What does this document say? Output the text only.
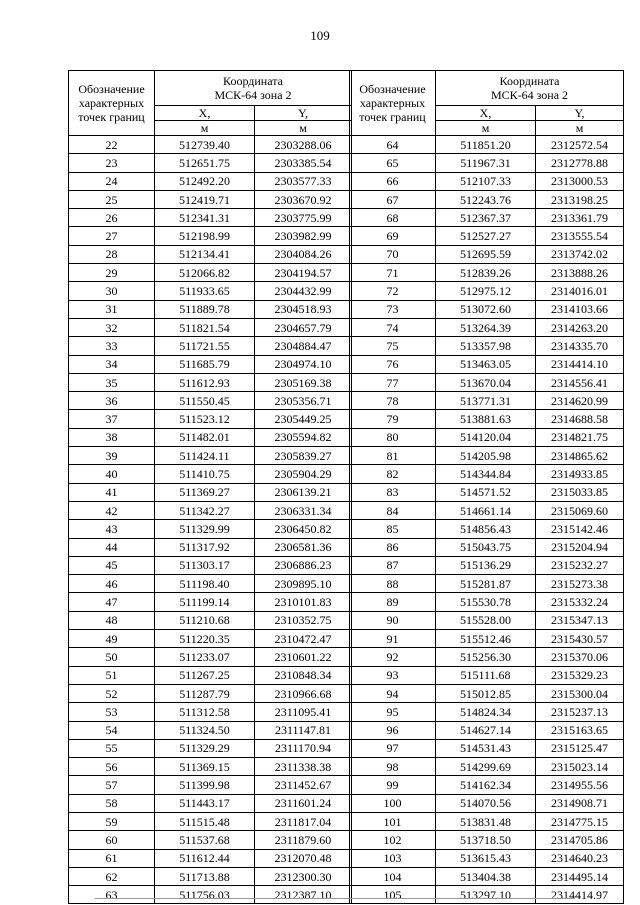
109
Обозначение характерных точек границ	Координата
МСК-64 зона 2	

	X,	Y,
	м	м
22	512739.40	2303288.06
23	512651.75	2303385.54
24	512492.20	2303577.33
25	512419.71	2303670.92
26	512341.31	2303775.99
27	512198.99	2303982.99
28	512134.41	2304084.26
29	512066.82	2304194.57
30	511933.65	2304432.99
31	511889.78	2304518.93
32	511821.54	2304657.79
33	511721.55	2304884.47
34	511685.79	2304974.10
35	511612.93	2305169.38
36	511550.45	2305356.71
37	511523.12	2305449.25
38	511482.01	2305594.82
39	511424.11	2305839.27
40	511410.75	2305904.29
41	511369.27	2306139.21
42	511342.27	2306331.34
43	511329.99	2306450.82
44	511317.92	2306581.36
45	511303.17	2306886.23
46	511198.40	2309895.10
47	511199.14	2310101.83
48	511210.68	2310352.75
49	511220.35	2310472.47
50	511233.07	2310601.22
51	511267.25	2310848.34
52	511287.79	2310966.68
53	511312.58	2311095.41
54	511324.50	2311147.81
55	511329.29	2311170.94
56	511369.15	2311338.38
57	511399.98	2311452.67
58	511443.17	2311601.24
59	511515.48	2311817.04
60	511537.68	2311879.60
61	511612.44	2312070.48
62	511713.88	2312300.30
63	511756.03	2312387.10
Обозначение характерных точек границ	Координата
МСК-64 зона 2	

	X,	Y,
	м	м
64	511851.20	2312572.54
65	511967.31	2312778.88
66	512107.33	2313000.53
67	512243.76	2313198.25
68	512367.37	2313361.79
69	512527.27	2313555.54
70	512695.59	2313742.02
71	512839.26	2313888.26
72	512975.12	2314016.01
73	513072.60	2314103.66
74	513264.39	2314263.20
75	513357.98	2314335.70
76	513463.05	2314414.10
77	513670.04	2314556.41
78	513771.31	2314620.99
79	513881.63	2314688.58
80	514120.04	2314821.75
81	514205.98	2314865.62
82	514344.84	2314933.85
83	514571.52	2315033.85
84	514661.14	2315069.60
85	514856.43	2315142.46
86	515043.75	2315204.94
87	515136.29	2315232.27
88	515281.87	2315273.38
89	515530.78	2315332.24
90	515528.00	2315347.13
91	515512.46	2315430.57
92	515256.30	2315370.06
93	515111.68	2315329.23
94	515012.85	2315300.04
95	514824.34	2315237.13
96	514627.14	2315163.65
97	514531.43	2315125.47
98	514299.69	2315023.14
99	514162.34	2314955.56
100	514070.56	2314908.71
101	513831.48	2314775.15
102	513718.50	2314705.86
103	513615.43	2314640.23
104	513404.38	2314495.14
105	513297.10	2314414.97
